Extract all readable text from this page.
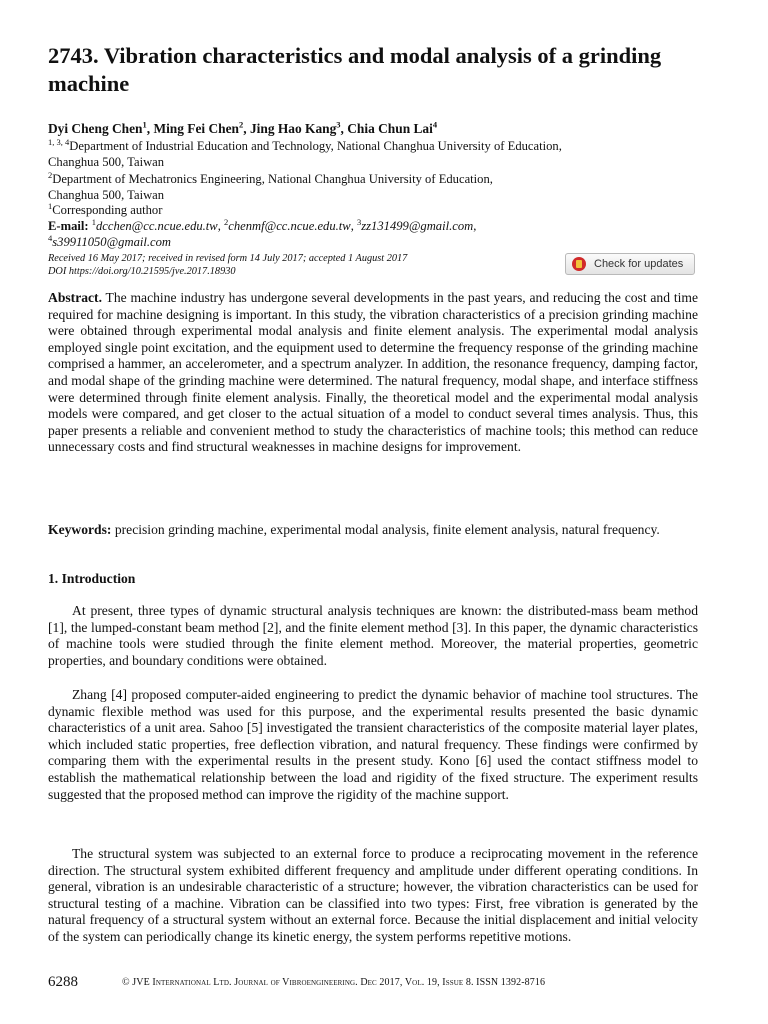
2743. Vibration characteristics and modal analysis of a grinding machine
Dyi Cheng Chen$^1$, Ming Fei Chen$^2$, Jing Hao Kang$^3$, Chia Chun Lai$^4$
$^{1, 3, 4}$Department of Industrial Education and Technology, National Changhua University of Education,
Changhua 500, Taiwan
$^2$Department of Mechatronics Engineering, National Changhua University of Education,
Changhua 500, Taiwan
$^1$Corresponding author
E-mail: $^1$dcchen@cc.ncue.edu.tw, $^2$chenmf@cc.ncue.edu.tw, $^3$zz131499@gmail.com,
$^4$s39911050@gmail.com
Received 16 May 2017; received in revised form 14 July 2017; accepted 1 August 2017
DOI https://doi.org/10.21595/jve.2017.18930
Check for updates

Abstract. The machine industry has undergone several developments in the past years, and reducing the cost and time required for machine designing is important. In this study, the vibration characteristics of a precision grinding machine were obtained through experimental modal analysis and finite element analysis. The experimental modal analysis employed single point excitation, and the equipment used to determine the frequency response of the grinding machine comprised a hammer, an accelerometer, and a spectrum analyzer. In addition, the resonance frequency, damping factor, and modal shape of the grinding machine were determined. The natural frequency, modal shape, and interface stiffness were determined through finite element analysis. Finally, the theoretical model and the experimental modal analysis models were compared, and get closer to the actual situation of a model to conduct several times analysis. Thus, this paper presents a reliable and convenient method to study the characteristics of machine tools; this method can reduce unnecessary costs and find structural weaknesses in machine designs for improvement.

Keywords: precision grinding machine, experimental modal analysis, finite element analysis, natural frequency.

1. Introduction

At present, three types of dynamic structural analysis techniques are known: the distributed-mass beam method [1], the lumped-constant beam method [2], and the finite element method [3]. In this paper, the dynamic characteristics of machine tools were studied through the finite element method. Moreover, the material properties, geometric properties, and boundary conditions were obtained.

Zhang [4] proposed computer-aided engineering to predict the dynamic behavior of machine tool structures. The dynamic flexible method was used for this purpose, and the experimental results presented the basic dynamic characteristics of a unit area. Sahoo [5] investigated the transient characteristics of the composite material layer plates, which included static properties, free deflection vibration, and natural frequency. These findings were confirmed by comparing them with the experimental results in the present study. Kono [6] used the contact stiffness model to establish the mathematical relationship between the load and rigidity of the fixed structure. The experiment results suggested that the proposed method can improve the rigidity of the machine support.

The structural system was subjected to an external force to produce a reciprocating movement in the reference direction. The structural system exhibited different frequency and amplitude under different operating conditions. In general, vibration is an undesirable characteristic of a structure; however, the vibration characteristics can be used for structural testing of a machine. Vibration can be classified into two types: First, free vibration is generated by the natural frequency of a structural system without an external force. Because the initial displacement and initial velocity of the system can periodically change its kinetic energy, the system performs repetitive motions.

6288	© JVE International Ltd. Journal of Vibroengineering. Dec 2017, Vol. 19, Issue 8. ISSN 1392-8716
